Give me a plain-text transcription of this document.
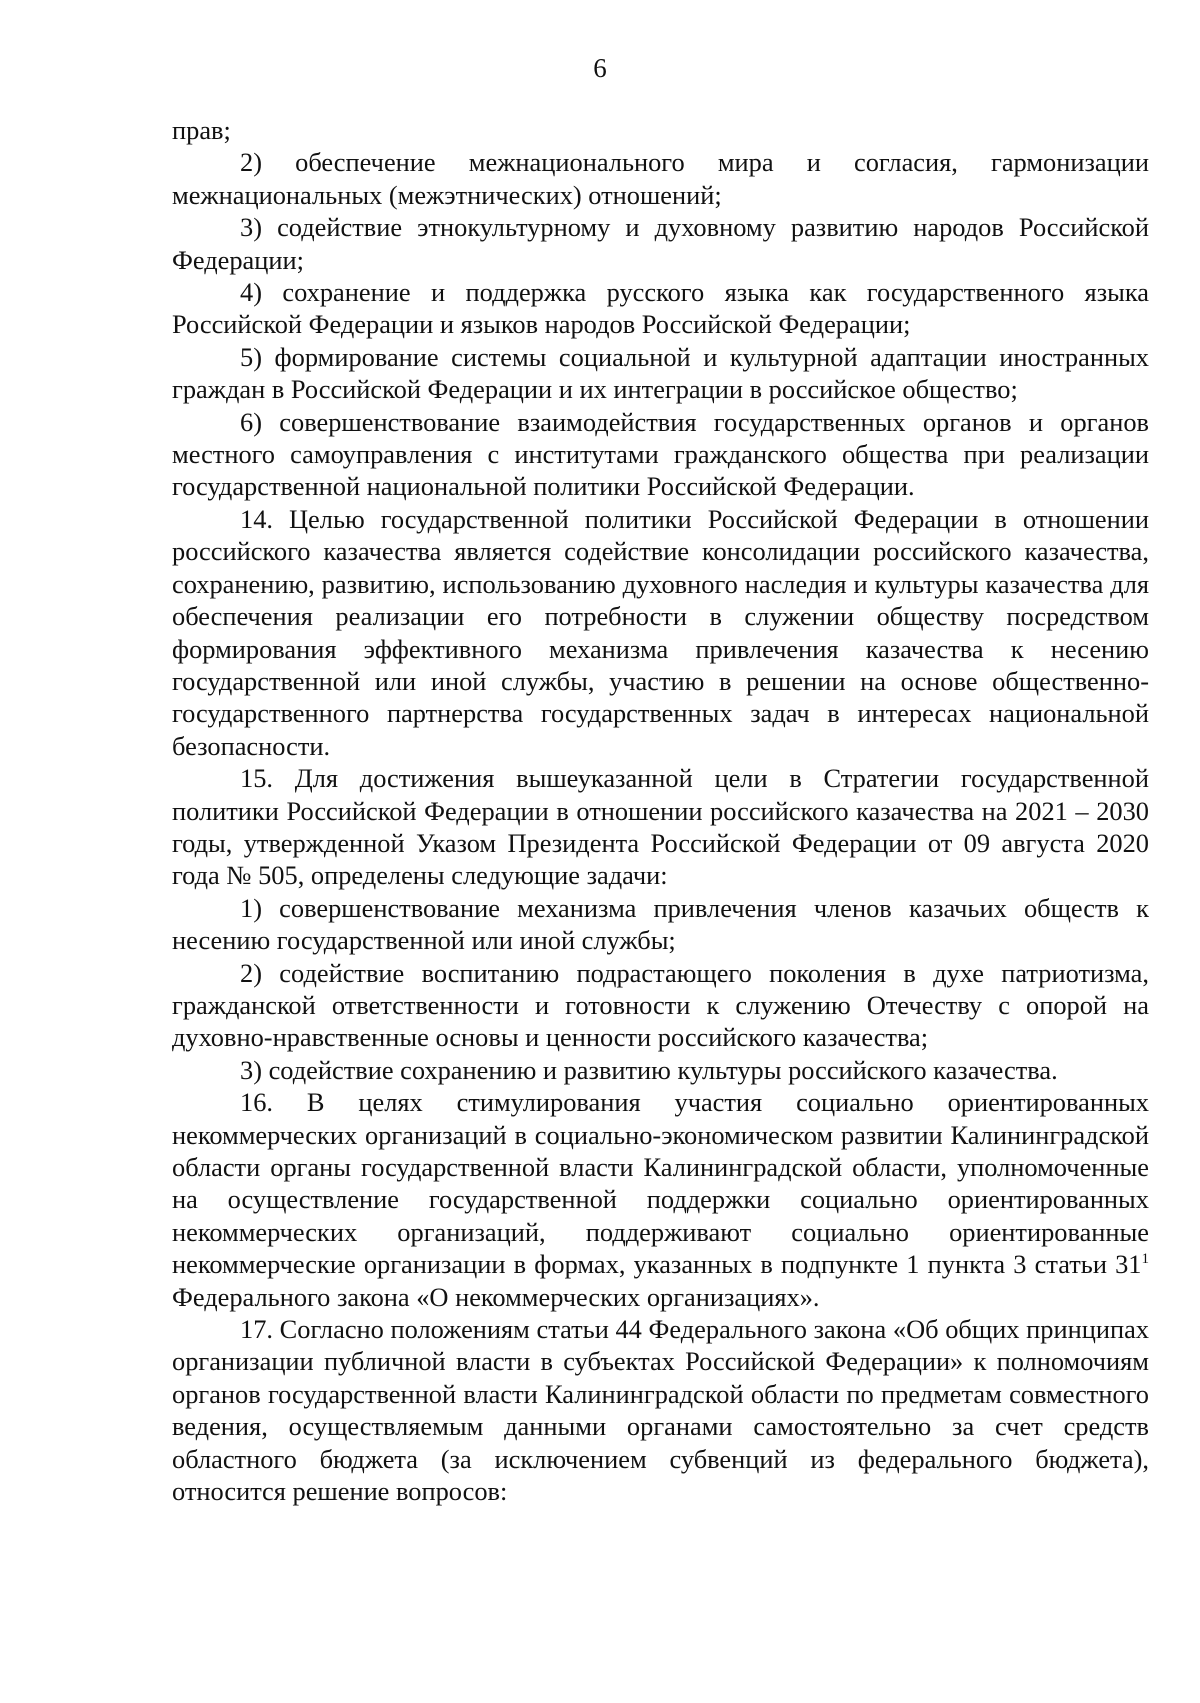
6

прав;

2) обеспечение межнационального мира и согласия, гармонизации межнациональных (межэтнических) отношений;

3) содействие этнокультурному и духовному развитию народов Российской Федерации;

4) сохранение и поддержка русского языка как государственного языка Российской Федерации и языков народов Российской Федерации;

5) формирование системы социальной и культурной адаптации иностранных граждан в Российской Федерации и их интеграции в российское общество;

6) совершенствование взаимодействия государственных органов и органов местного самоуправления с институтами гражданского общества при реализации государственной национальной политики Российской Федерации.

14. Целью государственной политики Российской Федерации в отношении российского казачества является содействие консолидации российского казачества, сохранению, развитию, использованию духовного наследия и культуры казачества для обеспечения реализации его потребности в служении обществу посредством формирования эффективного механизма привлечения казачества к несению государственной или иной службы, участию в решении на основе общественно-государственного партнерства государственных задач в интересах национальной безопасности.

15. Для достижения вышеуказанной цели в Стратегии государственной политики Российской Федерации в отношении российского казачества на 2021 – 2030 годы, утвержденной Указом Президента Российской Федерации от 09 августа 2020 года № 505, определены следующие задачи:

1) совершенствование механизма привлечения членов казачьих обществ к несению государственной или иной службы;

2) содействие воспитанию подрастающего поколения в духе патриотизма, гражданской ответственности и готовности к служению Отечеству с опорой на духовно-нравственные основы и ценности российского казачества;

3) содействие сохранению и развитию культуры российского казачества.

16. В целях стимулирования участия социально ориентированных некоммерческих организаций в социально-экономическом развитии Калининградской области органы государственной власти Калининградской области, уполномоченные на осуществление государственной поддержки социально ориентированных некоммерческих организаций, поддерживают социально ориентированные некоммерческие организации в формах, указанных в подпункте 1 пункта 3 статьи $31^1$ Федерального закона «О некоммерческих организациях».

17. Согласно положениям статьи 44 Федерального закона «Об общих принципах организации публичной власти в субъектах Российской Федерации» к полномочиям органов государственной власти Калининградской области по предметам совместного ведения, осуществляемым данными органами самостоятельно за счет средств областного бюджета (за исключением субвенций из федерального бюджета), относится решение вопросов:
